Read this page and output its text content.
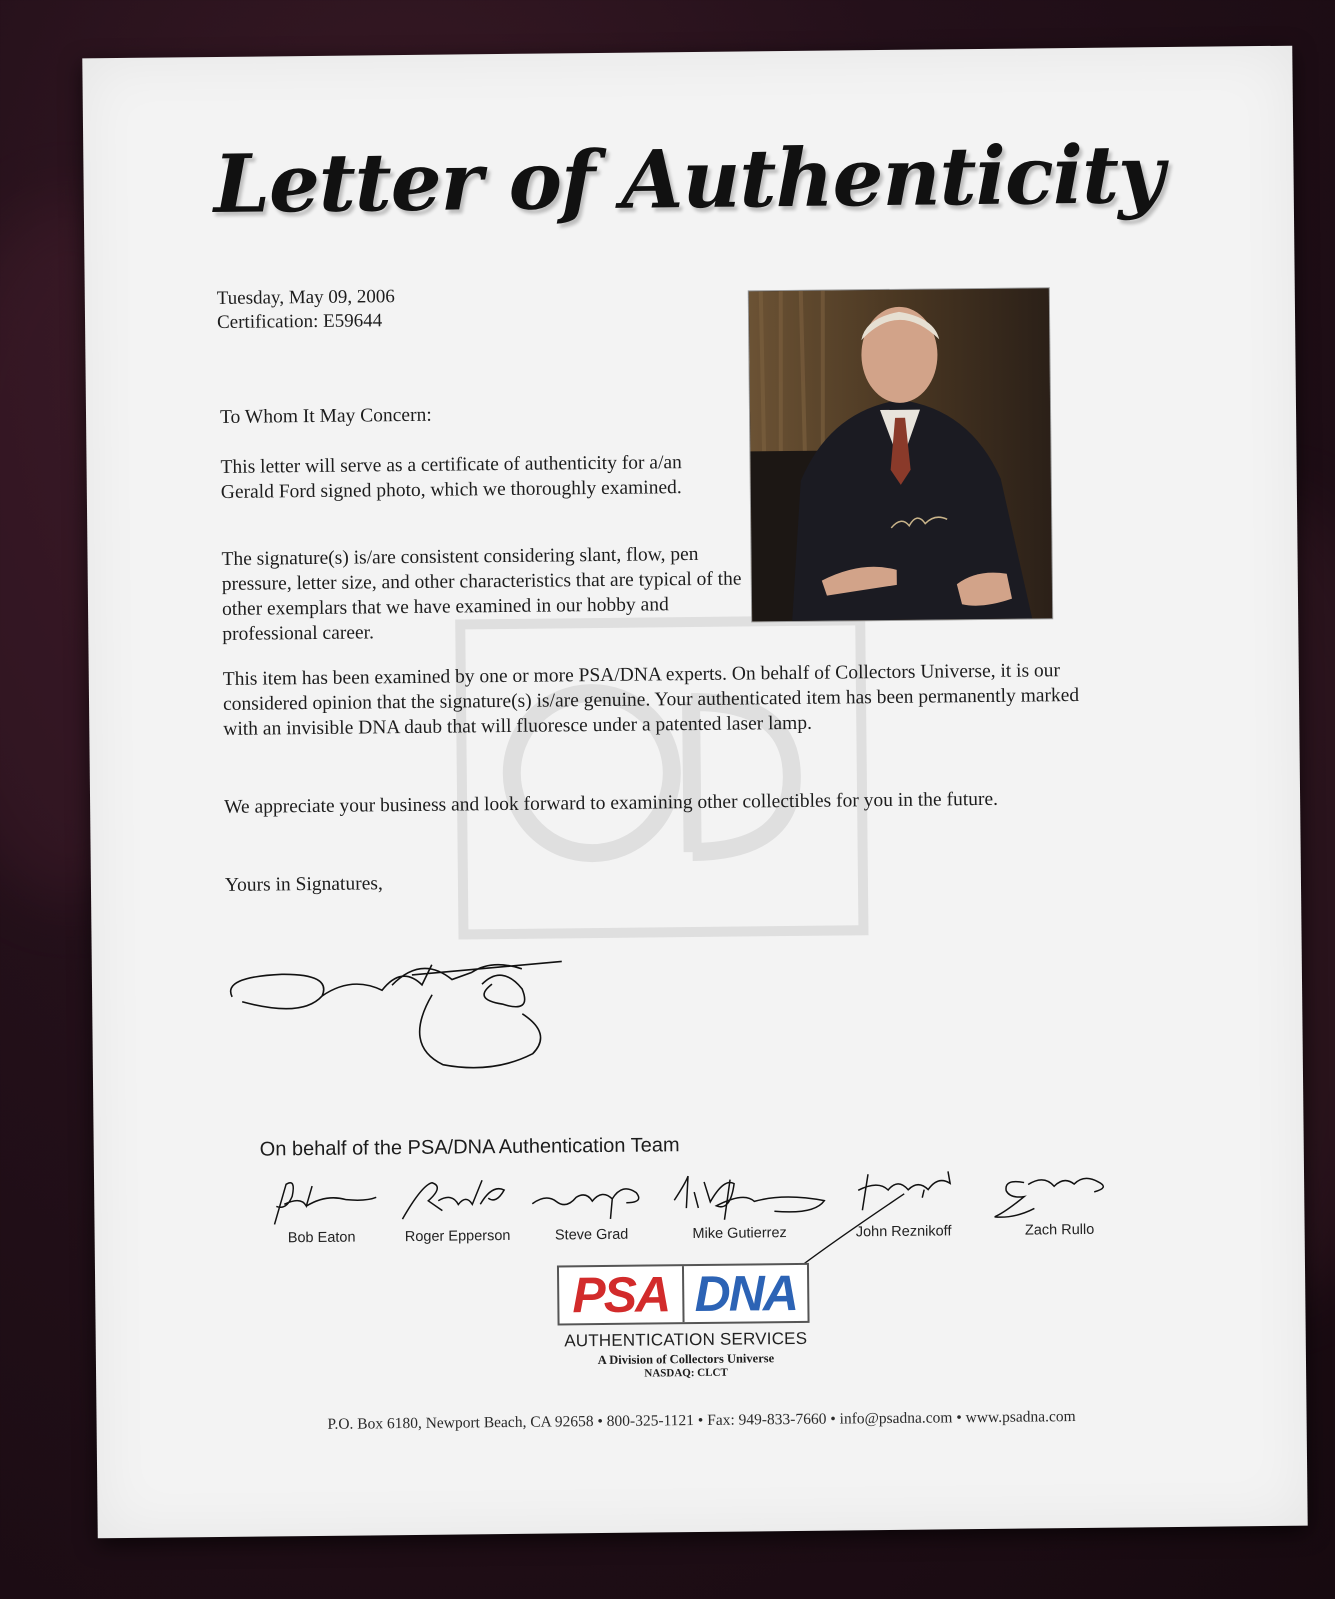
Letter of Authenticity
Tuesday, May 09, 2006
Certification: E59644
To Whom It May Concern:
This letter will serve as a certificate of authenticity for a/an Gerald Ford signed photo, which we thoroughly examined.
The signature(s) is/are consistent considering slant, flow, pen pressure, letter size, and other characteristics that are typical of the other exemplars that we have examined in our hobby and professional career.
This item has been examined by one or more PSA/DNA experts. On behalf of Collectors Universe, it is our considered opinion that the signature(s) is/are genuine. Your authenticated item has been permanently marked with an invisible DNA daub that will fluoresce under a patented laser lamp.
We appreciate your business and look forward to examining other collectibles for you in the future.
Yours in Signatures,
On behalf of the PSA/DNA Authentication Team
Bob Eaton	Roger Epperson	Steve Grad	Mike Gutierrez	John Reznikoff	Zach Rullo
PSA DNA
AUTHENTICATION SERVICES
A Division of Collectors Universe
NASDAQ: CLCT
P.O. Box 6180, Newport Beach, CA 92658 • 800-325-1121 • Fax: 949-833-7660 • info@psadna.com • www.psadna.com
